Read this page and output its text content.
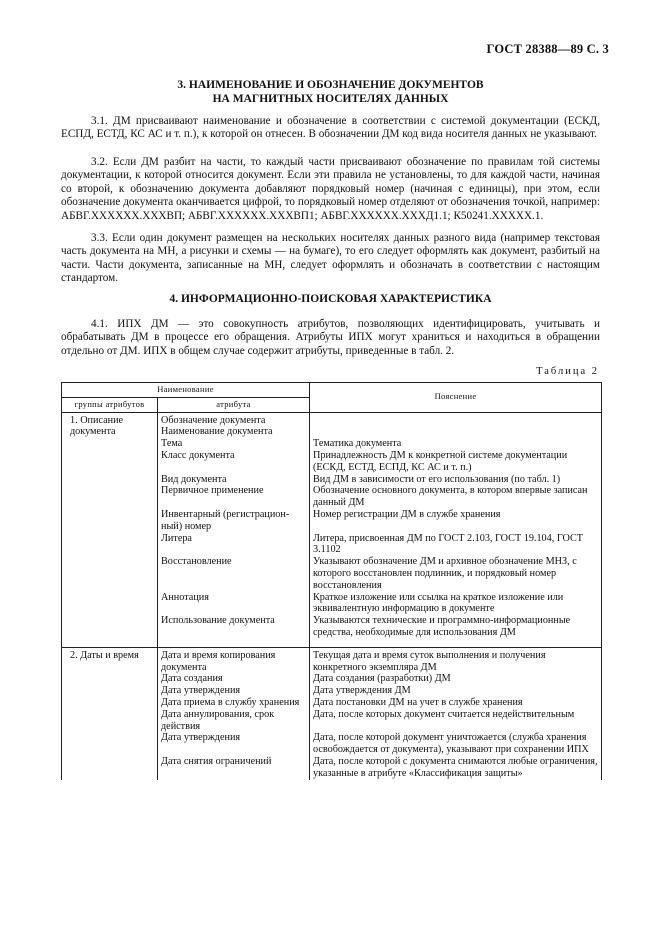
ГОСТ 28388—89 С. 3
3. НАИМЕНОВАНИЕ И ОБОЗНАЧЕНИЕ ДОКУМЕНТОВ
НА МАГНИТНЫХ НОСИТЕЛЯХ ДАННЫХ
3.1. ДМ присваивают наименование и обозначение в соответствии с системой документации (ЕСКД, ЕСПД, ЕСТД, КС АС и т. п.), к которой он отнесен. В обозначении ДМ код вида носителя данных не указывают.
3.2. Если ДМ разбит на части, то каждый части присваивают обозначение по правилам той системы документации, к которой относится документ. Если эти правила не установлены, то для каждой части, начиная со второй, к обозначению документа добавляют порядковый номер (начиная с единицы), при этом, если обозначение документа оканчивается цифрой, то порядковый номер отделяют от обозначения точкой, например: АБВГ.XXXXXX.XXXВП; АБВГ.XXXXXX.XXXВП1; АБВГ.XXXXXX.XXXД1.1; К50241.XXXXX.1.
3.3. Если один документ размещен на нескольких носителях данных разного вида (например текстовая часть документа на МН, а рисунки и схемы — на бумаге), то его следует оформлять как документ, разбитый на части. Части документа, записанные на МН, следует оформлять и обозначать в соответствии с настоящим стандартом.
4. ИНФОРМАЦИОННО-ПОИСКОВАЯ ХАРАКТЕРИСТИКА
4.1. ИПХ ДМ — это совокупность атрибутов, позволяющих идентифицировать, учитывать и обрабатывать ДМ в процессе его обращения. Атрибуты ИПХ могут храниться и находиться в обращении отдельно от ДМ. ИПХ в общем случае содержит атрибуты, приведенные в табл. 2.
Таблица 2
Наименование		Пояснение
группы атрибутов	атрибута	
1. Описание документа	Обозначение документа	
	Наименование документа	
	Тема	Тематика документа
	Класс документа	Принадлежность ДМ к конкретной системе документации (ЕСКД, ЕСТД, ЕСПД, КС АС и т. п.)
	Вид документа	Вид ДМ в зависимости от его использования (по табл. 1)
	Первичное применение	Обозначение основного документа, в котором впервые записан данный ДМ
	Инвентарный (регистрацион-ный) номер	Номер регистрации ДМ в службе хранения
	Литера	Литера, присвоенная ДМ по ГОСТ 2.103, ГОСТ 19.104, ГОСТ 3.1102
	Восстановление	Указывают обозначение ДМ и архивное обозначение МНЗ, с которого восстановлен подлинник, и порядковый номер восстановления
	Аннотация	Краткое изложение или ссылка на краткое изложение или эквивалентную информацию в документе
	Использование документа	Указываются технические и программно-информационные средства, необходимые для использования ДМ

2. Даты и время	Дата и время копирования документа	Текущая дата и время суток выполнения и получения конкретного экземпляра ДМ
	Дата создания	Дата создания (разработки) ДМ
	Дата утверждения	Дата утверждения ДМ
	Дата приема в службу хранения	Дата постановки ДМ на учет в службе хранения
	Дата аннулирования, срок действия	Дата, после которых документ считается недействительным
	Дата утверждения	Дата, после которой документ уничтожается (служба хранения освобождается от документа), указывают при сохранении ИПХ
	Дата снятия ограничений	Дата, после которой с документа снимаются любые ограничения, указанные в атрибуте «Классификация защиты»
